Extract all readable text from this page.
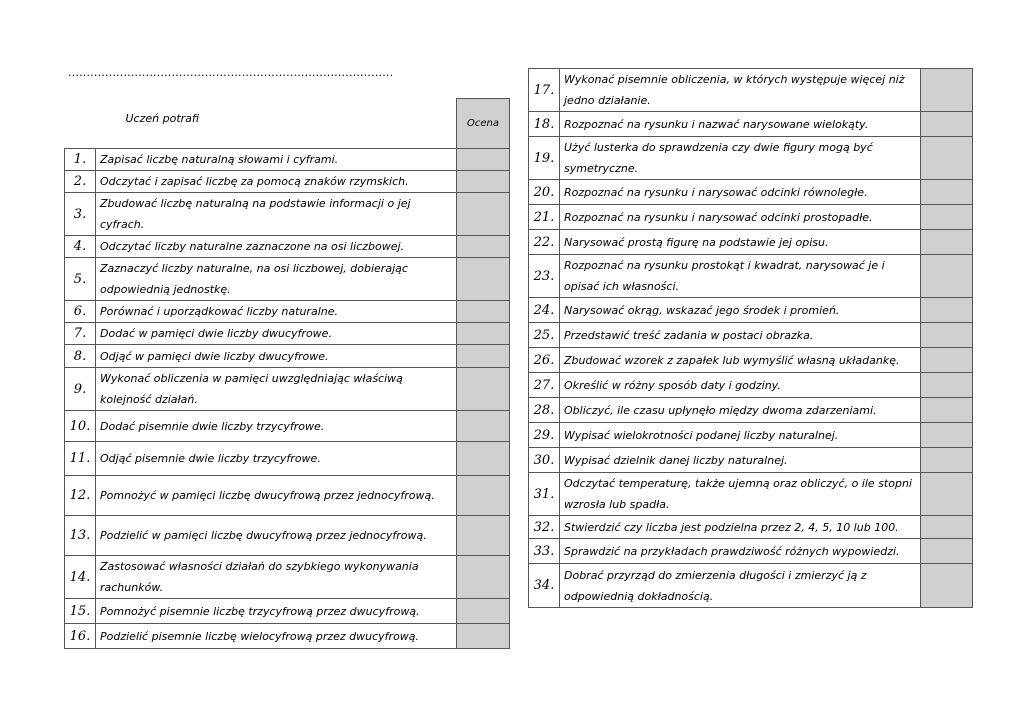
........................................................................................
	Uczeń potrafi	Ocena
1.	Zapisać liczbę naturalną słowami i cyframi.	
2.	Odczytać i zapisać liczbę za pomocą znaków rzymskich.	
3.	Zbudować liczbę naturalną na podstawie informacji o jej cyfrach.	
4.	Odczytać liczby naturalne zaznaczone na osi liczbowej.	
5.	Zaznaczyć liczby naturalne, na osi liczbowej, dobierając odpowiednią jednostkę.	
6.	Porównać i uporządkować liczby naturalne.	
7.	Dodać w pamięci dwie liczby dwucyfrowe.	
8.	Odjąć w pamięci dwie liczby dwucyfrowe.	
9.	Wykonać obliczenia w pamięci uwzględniając właściwą kolejność działań.	
10.	Dodać pisemnie dwie liczby trzycyfrowe.	
11.	Odjąć pisemnie dwie liczby trzycyfrowe.	
12.	Pomnożyć w pamięci liczbę dwucyfrową przez jednocyfrową.	
13.	Podzielić w pamięci liczbę dwucyfrową przez jednocyfrową.	
14.	Zastosować własności działań do szybkiego wykonywania rachunków.	
15.	Pomnożyć pisemnie liczbę trzycyfrową przez dwucyfrową.	
16.	Podzielić pisemnie liczbę wielocyfrową przez dwucyfrową.	
17.	Wykonać pisemnie obliczenia, w których występuje więcej niż jedno działanie.	
18.	Rozpoznać na rysunku i nazwać narysowane wielokąty.	
19.	Użyć lusterka do sprawdzenia czy dwie figury mogą być symetryczne.	
20.	Rozpoznać na rysunku i narysować odcinki równoległe.	
21.	Rozpoznać na rysunku i narysować odcinki prostopadłe.	
22.	Narysować prostą figurę na podstawie jej opisu.	
23.	Rozpoznać na rysunku prostokąt i kwadrat, narysować je i opisać ich własności.	
24.	Narysować okrąg, wskazać jego środek i promień.	
25.	Przedstawić treść zadania w postaci obrazka.	
26.	Zbudować wzorek z zapałek lub wymyślić własną układankę.	
27.	Określić w różny sposób daty i godziny.	
28.	Obliczyć, ile czasu upłynęło między dwoma zdarzeniami.	
29.	Wypisać wielokrotności podanej liczby naturalnej.	
30.	Wypisać dzielnik danej liczby naturalnej.	
31.	Odczytać temperaturę, także ujemną oraz obliczyć, o ile stopni wzrosła lub spadła.	
32.	Stwierdzić czy liczba jest podzielna przez 2, 4, 5, 10 lub 100.	
33.	Sprawdzić na przykładach prawdziwość różnych wypowiedzi.	
34.	Dobrać przyrząd do zmierzenia długości i zmierzyć ją z odpowiednią dokładnością.	
